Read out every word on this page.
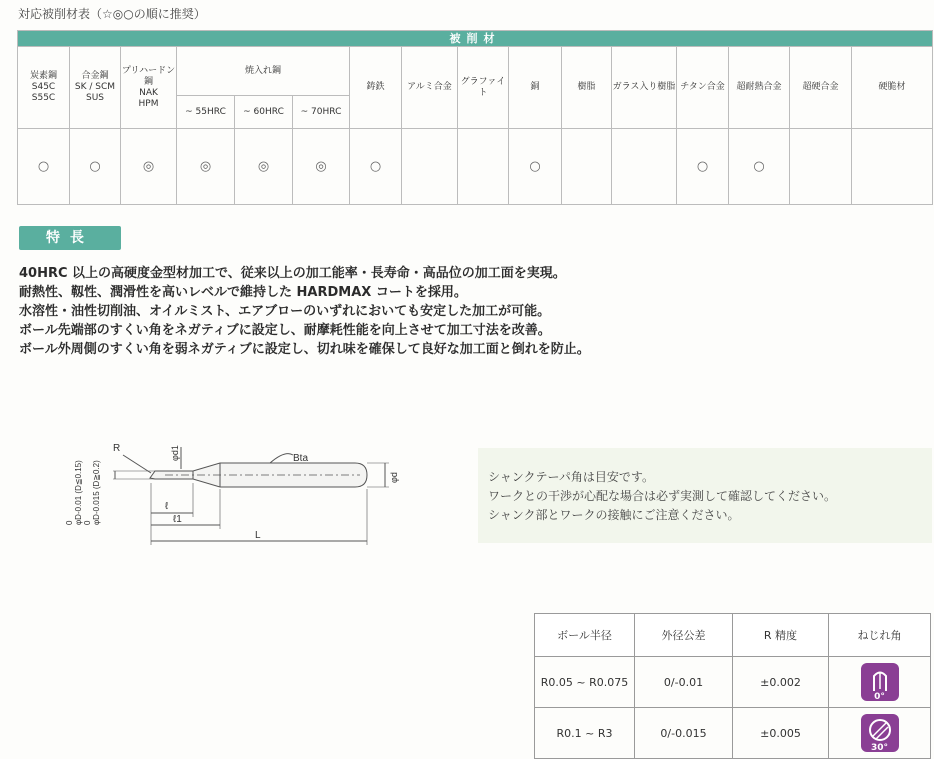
対応被削材表（☆◎○の順に推奨）
被削材															
炭素鋼
S45C
S55C	合金鋼
SK / SCM
SUS	プリハードン鋼
NAK
HPM	焼入れ鋼			鋳鉄	アルミ合金	グラファイト	銅	樹脂	ガラス入り樹脂	チタン合金	超耐熱合金	超硬合金	硬脆材
			~ 55HRC	~ 60HRC	~ 70HRC										
○	○	◎	◎	◎	◎	○			○			○	○		
特長
40HRC 以上の高硬度金型材加工で、従来以上の加工能率・長寿命・高品位の加工面を実現。
耐熱性、靱性、潤滑性を高いレベルで維持した HARDMAX コートを採用。
水溶性・油性切削油、オイルミスト、エアブローのいずれにおいても安定した加工が可能。
ボール先端部のすくい角をネガティブに設定し、耐摩耗性能を向上させて加工寸法を改善。
ボール外周側のすくい角を弱ネガティブに設定し、切れ味を確保して良好な加工面と倒れを防止。
R	φd1	Bta
φd
ℓ
ℓ1
L
0 φD-0.01 (D≦0.15) 0 φD-0.015 (D≧0.2)	シャンクテーパ角は目安です。
ワークとの干渉が心配な場合は必ず実測して確認してください。
シャンク部とワークの接触にご注意ください。
ボール半径	外径公差	R 精度	ねじれ角
R0.05 ~ R0.075	0/-0.01	±0.002	0°

R0.1 ~ R3	0/-0.015	±0.005	30°
